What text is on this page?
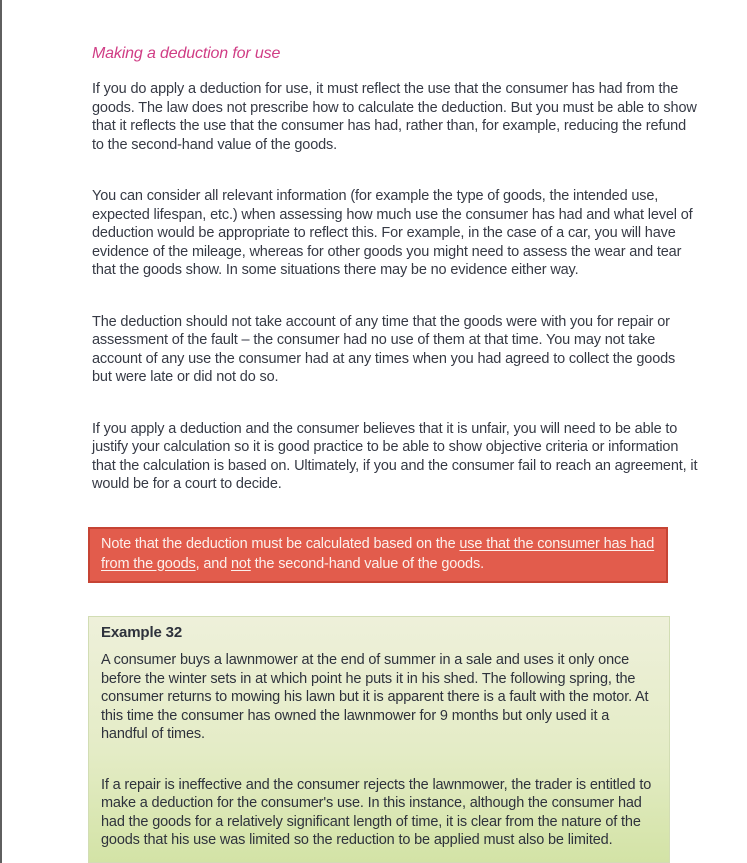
Making a deduction for use

If you do apply a deduction for use, it must reflect the use that the consumer has had from the goods. The law does not prescribe how to calculate the deduction. But you must be able to show that it reflects the use that the consumer has had, rather than, for example, reducing the refund to the second-hand value of the goods.

You can consider all relevant information (for example the type of goods, the intended use, expected lifespan, etc.) when assessing how much use the consumer has had and what level of deduction would be appropriate to reflect this. For example, in the case of a car, you will have evidence of the mileage, whereas for other goods you might need to assess the wear and tear that the goods show. In some situations there may be no evidence either way.

The deduction should not take account of any time that the goods were with you for repair or assessment of the fault – the consumer had no use of them at that time. You may not take account of any use the consumer had at any times when you had agreed to collect the goods but were late or did not do so.

If you apply a deduction and the consumer believes that it is unfair, you will need to be able to justify your calculation so it is good practice to be able to show objective criteria or information that the calculation is based on. Ultimately, if you and the consumer fail to reach an agreement, it would be for a court to decide.

Note that the deduction must be calculated based on the use that the consumer has had from the goods, and not the second-hand value of the goods.
Example 32

A consumer buys a lawnmower at the end of summer in a sale and uses it only once before the winter sets in at which point he puts it in his shed. The following spring, the consumer returns to mowing his lawn but it is apparent there is a fault with the motor. At this time the consumer has owned the lawnmower for 9 months but only used it a handful of times.

If a repair is ineffective and the consumer rejects the lawnmower, the trader is entitled to make a deduction for the consumer's use. In this instance, although the consumer had had the goods for a relatively significant length of time, it is clear from the nature of the goods that his use was limited so the reduction to be applied must also be limited.
